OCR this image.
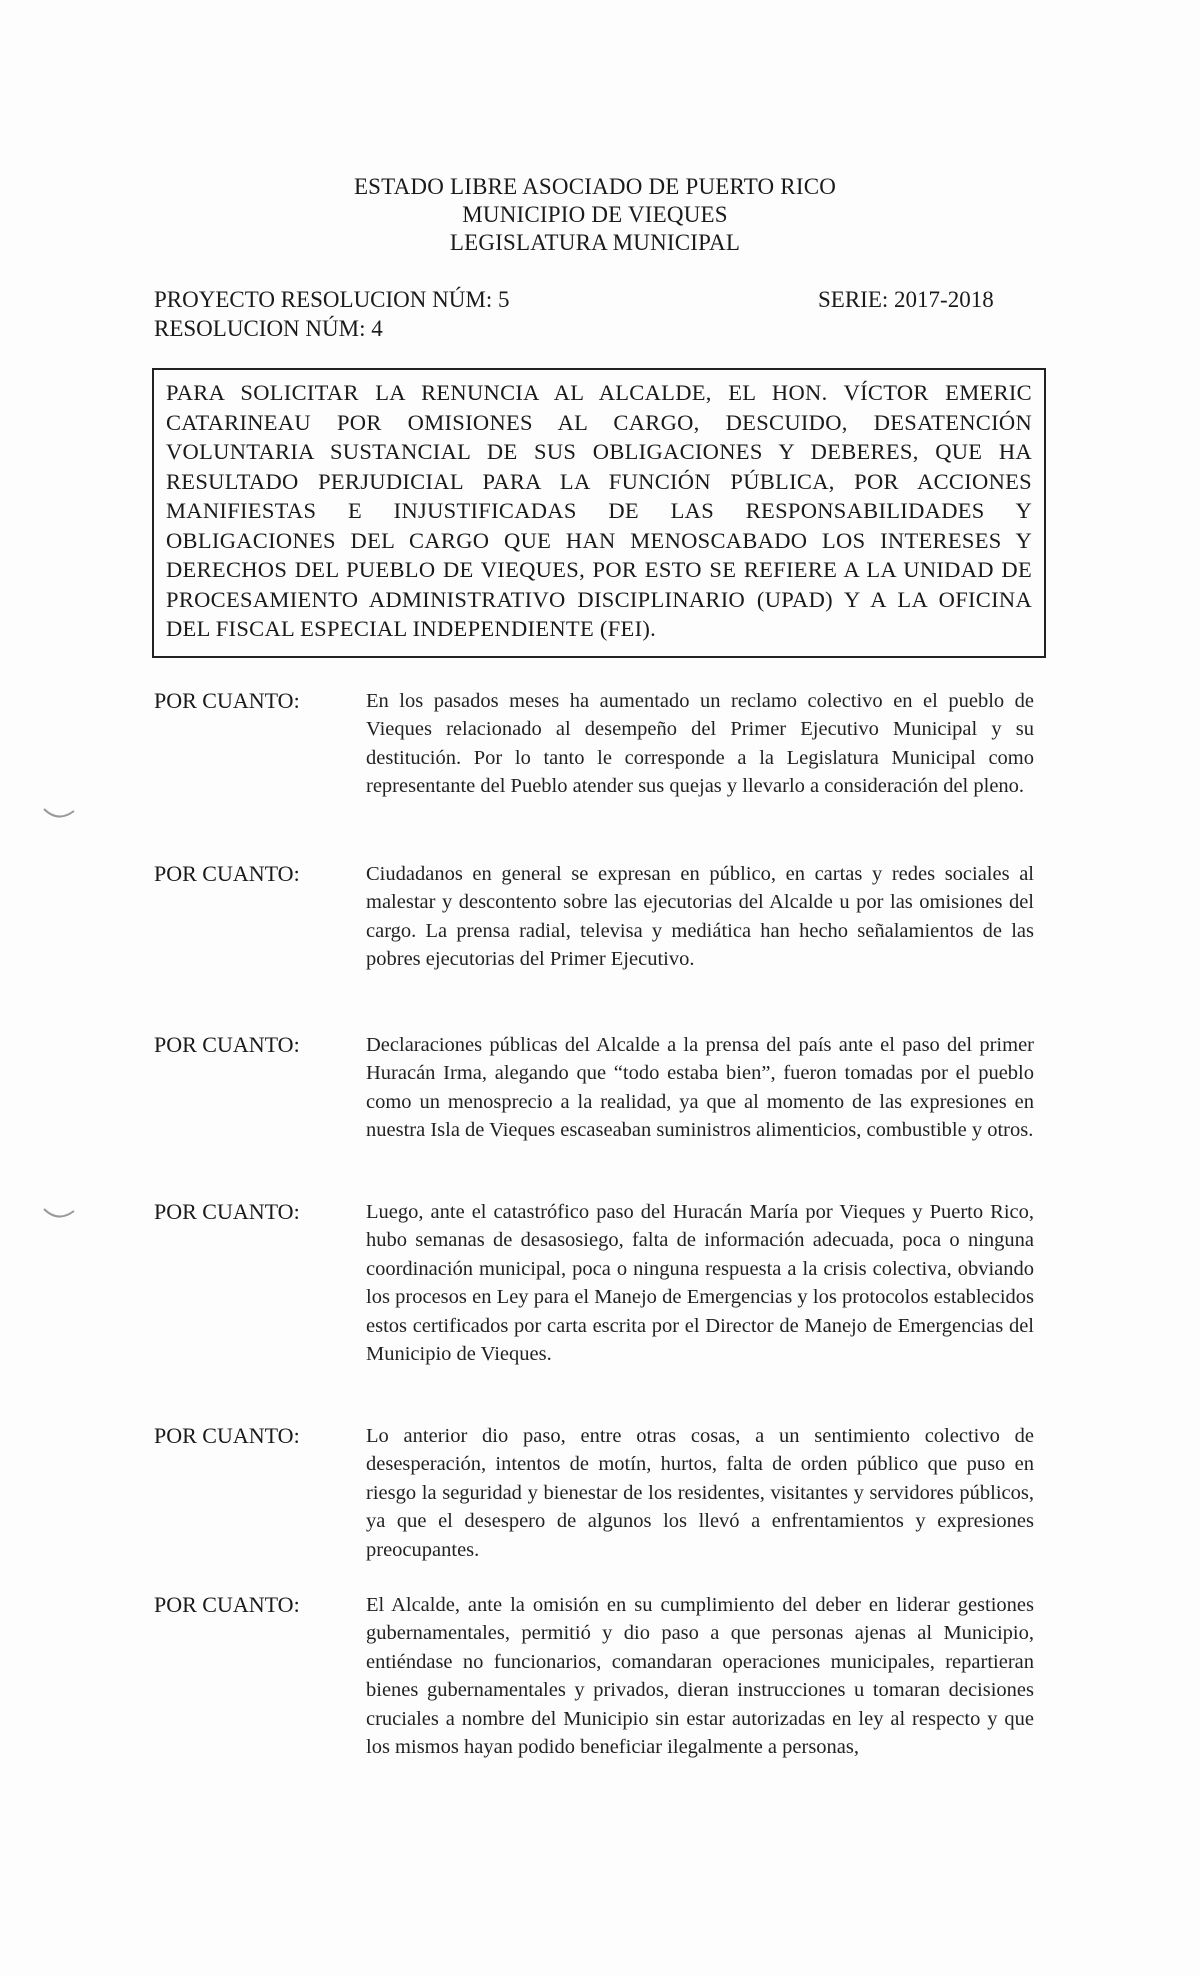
ESTADO LIBRE ASOCIADO DE PUERTO RICO
MUNICIPIO DE VIEQUES
LEGISLATURA MUNICIPAL
PROYECTO RESOLUCION NÚM: 5
RESOLUCION NÚM: 4
SERIE: 2017-2018
PARA SOLICITAR LA RENUNCIA AL ALCALDE, EL HON. VÍCTOR EMERIC CATARINEAU POR OMISIONES AL CARGO, DESCUIDO, DESATENCIÓN VOLUNTARIA SUSTANCIAL DE SUS OBLIGACIONES Y DEBERES, QUE HA RESULTADO PERJUDICIAL PARA LA FUNCIÓN PÚBLICA, POR ACCIONES MANIFIESTAS E INJUSTIFICADAS DE LAS RESPONSABILIDADES Y OBLIGACIONES DEL CARGO QUE HAN MENOSCABADO LOS INTERESES Y DERECHOS DEL PUEBLO DE VIEQUES, POR ESTO SE REFIERE A LA UNIDAD DE PROCESAMIENTO ADMINISTRATIVO DISCIPLINARIO (UPAD) Y A LA OFICINA DEL FISCAL ESPECIAL INDEPENDIENTE (FEI).
POR CUANTO:	En los pasados meses ha aumentado un reclamo colectivo en el pueblo de Vieques relacionado al desempeño del Primer Ejecutivo Municipal y su destitución. Por lo tanto le corresponde a la Legislatura Municipal como representante del Pueblo atender sus quejas y llevarlo a consideración del pleno.
POR CUANTO:	Ciudadanos en general se expresan en público, en cartas y redes sociales al malestar y descontento sobre las ejecutorias del Alcalde u por las omisiones del cargo. La prensa radial, televisa y mediática han hecho señalamientos de las pobres ejecutorias del Primer Ejecutivo.
POR CUANTO:	Declaraciones públicas del Alcalde a la prensa del país ante el paso del primer Huracán Irma, alegando que “todo estaba bien”, fueron tomadas por el pueblo como un menosprecio a la realidad, ya que al momento de las expresiones en nuestra Isla de Vieques escaseaban suministros alimenticios, combustible y otros.
POR CUANTO:	Luego, ante el catastrófico paso del Huracán María por Vieques y Puerto Rico, hubo semanas de desasosiego, falta de información adecuada, poca o ninguna coordinación municipal, poca o ninguna respuesta a la crisis colectiva, obviando los procesos en Ley para el Manejo de Emergencias y los protocolos establecidos estos certificados por carta escrita por el Director de Manejo de Emergencias del Municipio de Vieques.
POR CUANTO:	Lo anterior dio paso, entre otras cosas, a un sentimiento colectivo de desesperación, intentos de motín, hurtos, falta de orden público que puso en riesgo la seguridad y bienestar de los residentes, visitantes y servidores públicos, ya que el desespero de algunos los llevó a enfrentamientos y expresiones preocupantes.
POR CUANTO:	El Alcalde, ante la omisión en su cumplimiento del deber en liderar gestiones gubernamentales, permitió y dio paso a que personas ajenas al Municipio, entiéndase no funcionarios, comandaran operaciones municipales, repartieran bienes gubernamentales y privados, dieran instrucciones u tomaran decisiones cruciales a nombre del Municipio sin estar autorizadas en ley al respecto y que los mismos hayan podido beneficiar ilegalmente a personas,
